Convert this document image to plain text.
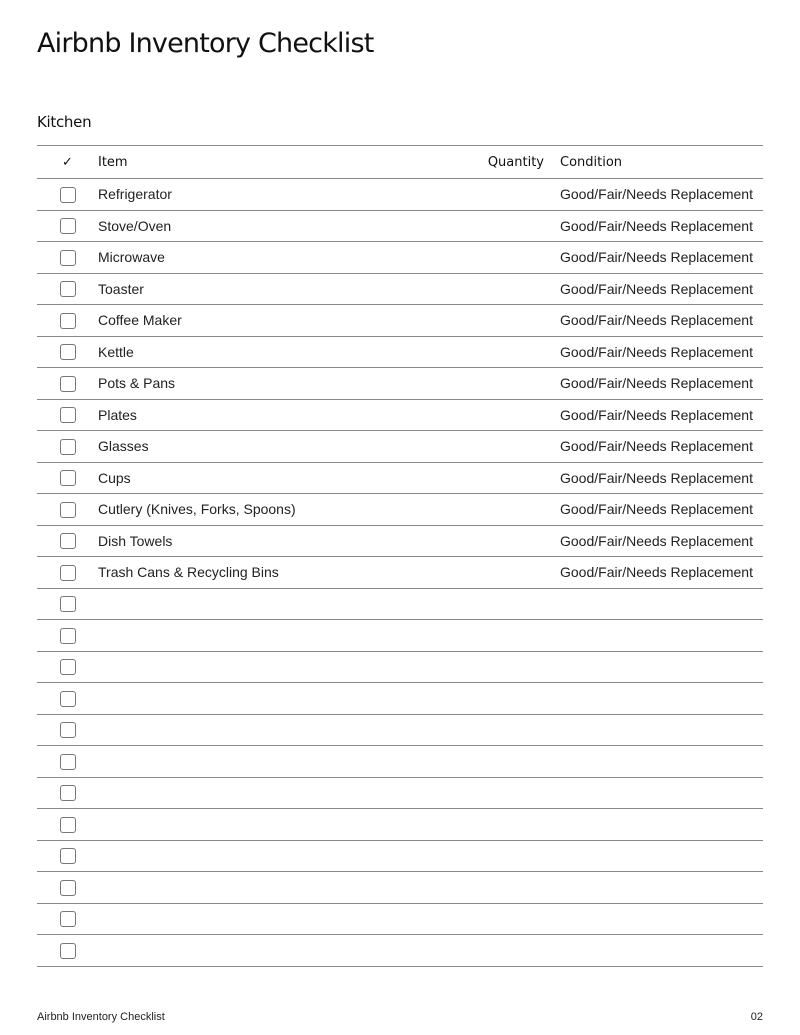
Airbnb Inventory Checklist
Kitchen
✓	Item	Quantity	Condition
	Refrigerator		Good/Fair/Needs Replacement
	Stove/Oven		Good/Fair/Needs Replacement
	Microwave		Good/Fair/Needs Replacement
	Toaster		Good/Fair/Needs Replacement
	Coffee Maker		Good/Fair/Needs Replacement
	Kettle		Good/Fair/Needs Replacement
	Pots & Pans		Good/Fair/Needs Replacement
	Plates		Good/Fair/Needs Replacement
	Glasses		Good/Fair/Needs Replacement
	Cups		Good/Fair/Needs Replacement
	Cutlery (Knives, Forks, Spoons)		Good/Fair/Needs Replacement
	Dish Towels		Good/Fair/Needs Replacement
	Trash Cans & Recycling Bins		Good/Fair/Needs Replacement

Airbnb Inventory Checklist	02
